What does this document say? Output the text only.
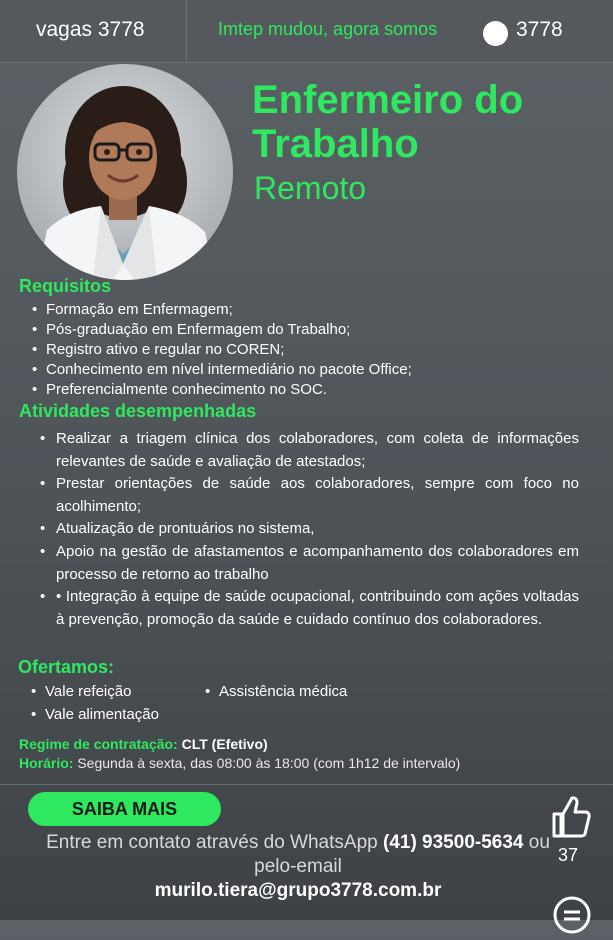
vagas 3778	Imtep mudou, agora somos	3778
Enfermeiro do
Trabalho
Remoto
Requisitos
• Formação em Enfermagem;
• Pós-graduação em Enfermagem do Trabalho;
• Registro ativo e regular no COREN;
• Conhecimento em nível intermediário no pacote Office;
• Preferencialmente conhecimento no SOC.
Atividades desempenhadas
• Realizar a triagem clínica dos colaboradores, com coleta de informações relevantes de saúde e avaliação de atestados;
• Prestar orientações de saúde aos colaboradores, sempre com foco no acolhimento;
• Atualização de prontuários no sistema,
• Apoio na gestão de afastamentos e acompanhamento dos colaboradores em processo de retorno ao trabalho
• • Integração à equipe de saúde ocupacional, contribuindo com ações voltadas à prevenção, promoção da saúde e cuidado contínuo dos colaboradores.
Ofertamos:
• Vale refeição
•	Assistência médica
• Vale alimentação
Regime de contratação: CLT (Efetivo)
Horário: Segunda à sexta, das 08:00 às 18:00 (com 1h12 de intervalo)
SAIBA MAIS
Entre em contato através do WhatsApp (41) 93500-5634 ou
pelo-email
murilo.tiera@grupo3778.com.br
37
